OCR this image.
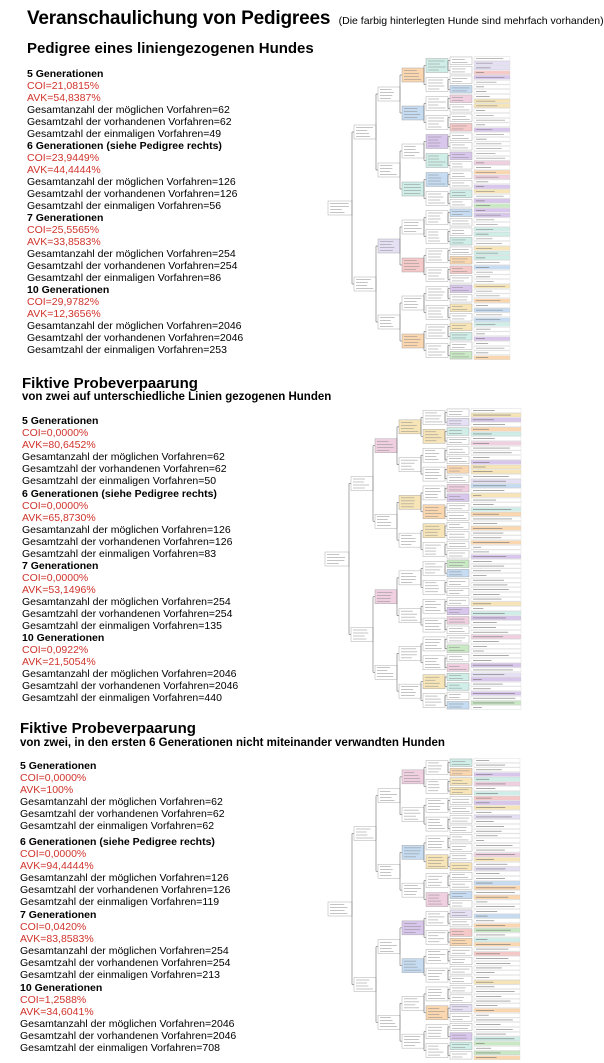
Veranschaulichung von Pedigrees (Die farbig hinterlegten Hunde sind mehrfach vorhanden)
Pedigree eines liniengezogenen Hundes
5 Generationen
COI=21,0815%
AVK=54,8387%
Gesamtanzahl der möglichen Vorfahren=62
Gesamtzahl der vorhandenen Vorfahren=62
Gesamtzahl der einmaligen Vorfahren=49
6 Generationen (siehe Pedigree rechts)
COI=23,9449%
AVK=44,4444%
Gesamtanzahl der möglichen Vorfahren=126
Gesamtzahl der vorhandenen Vorfahren=126
Gesamtzahl der einmaligen Vorfahren=56
7 Generationen
COI=25,5565%
AVK=33,8583%
Gesamtanzahl der möglichen Vorfahren=254
Gesamtzahl der vorhandenen Vorfahren=254
Gesamtzahl der einmaligen Vorfahren=86
10 Generationen
COI=29,9782%
AVK=12,3656%
Gesamtanzahl der möglichen Vorfahren=2046
Gesamtzahl der vorhandenen Vorfahren=2046
Gesamtzahl der einmaligen Vorfahren=253
Fiktive Probeverpaarung
von zwei auf unterschiedliche Linien gezogenen Hunden
5 Generationen
COI=0,0000%
AVK=80,6452%
Gesamtanzahl der möglichen Vorfahren=62
Gesamtzahl der vorhandenen Vorfahren=62
Gesamtzahl der einmaligen Vorfahren=50
6 Generationen (siehe Pedigree rechts)
COI=0,0000%
AVK=65,8730%
Gesamtanzahl der möglichen Vorfahren=126
Gesamtzahl der vorhandenen Vorfahren=126
Gesamtzahl der einmaligen Vorfahren=83
7 Generationen
COI=0,0000%
AVK=53,1496%
Gesamtanzahl der möglichen Vorfahren=254
Gesamtzahl der vorhandenen Vorfahren=254
Gesamtzahl der einmaligen Vorfahren=135
10 Generationen
COI=0,0922%
AVK=21,5054%
Gesamtanzahl der möglichen Vorfahren=2046
Gesamtzahl der vorhandenen Vorfahren=2046
Gesamtzahl der einmaligen Vorfahren=440
Fiktive Probeverpaarung
von zwei, in den ersten 6 Generationen nicht miteinander verwandten Hunden
5 Generationen
COI=0,0000%
AVK=100%
Gesamtanzahl der möglichen Vorfahren=62
Gesamtzahl der vorhandenen Vorfahren=62
Gesamtzahl der einmaligen Vorfahren=62
6 Generationen (siehe Pedigree rechts)
COI=0,0000%
AVK=94,4444%
Gesamtanzahl der möglichen Vorfahren=126
Gesamtzahl der vorhandenen Vorfahren=126
Gesamtzahl der einmaligen Vorfahren=119
7 Generationen
COI=0,0420%
AVK=83,8583%
Gesamtanzahl der möglichen Vorfahren=254
Gesamtzahl der vorhandenen Vorfahren=254
Gesamtzahl der einmaligen Vorfahren=213
10 Generationen
COI=1,2588%
AVK=34,6041%
Gesamtanzahl der möglichen Vorfahren=2046
Gesamtzahl der vorhandenen Vorfahren=2046
Gesamtzahl der einmaligen Vorfahren=708
